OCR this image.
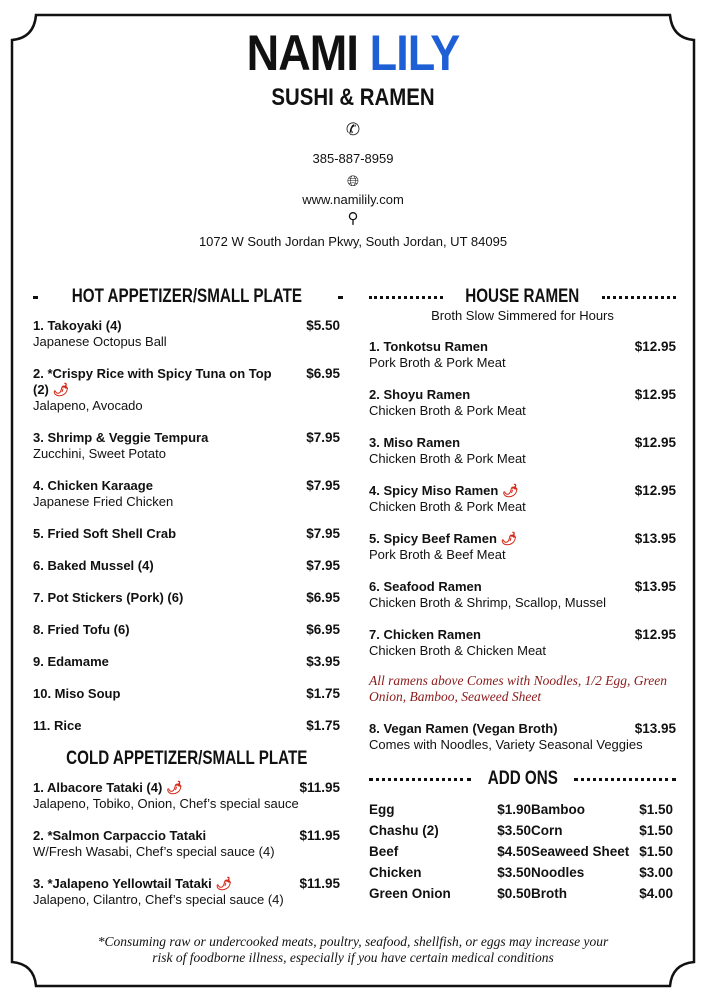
NAMI LILY
SUSHI & RAMEN
✆
385-887-8959
🌐︎
www.namilily.com
⚲
1072 W South Jordan Pkwy, South Jordan, UT 84095
HOT APPETIZER/SMALL PLATE
1. Takoyaki (4)	$5.50
Japanese Octopus Ball
2. *Crispy Rice with Spicy Tuna on Top (2) 🌶︎
$6.95
Jalapeno, Avocado
3. Shrimp & Veggie Tempura	$7.95
Zucchini, Sweet Potato
4. Chicken Karaage	$7.95
Japanese Fried Chicken
5. Fried Soft Shell Crab	$7.95
6. Baked Mussel (4)	$7.95
7. Pot Stickers (Pork) (6)	$6.95
8. Fried Tofu (6)	$6.95
9. Edamame	$3.95
10. Miso Soup	$1.75
11. Rice	$1.75
COLD APPETIZER/SMALL PLATE
1. Albacore Tataki (4) 🌶︎	$11.95
Jalapeno, Tobiko, Onion, Chef’s special sauce
2. *Salmon Carpaccio Tataki	$11.95
W/Fresh Wasabi, Chef’s special sauce (4)
3. *Jalapeno Yellowtail Tataki 🌶︎	$11.95
Jalapeno, Cilantro, Chef’s special sauce (4)
HOUSE RAMEN
Broth Slow Simmered for Hours
1. Tonkotsu Ramen	$12.95
Pork Broth & Pork Meat
2. Shoyu Ramen	$12.95
Chicken Broth & Pork Meat
3. Miso Ramen	$12.95
Chicken Broth & Pork Meat
4. Spicy Miso Ramen 🌶︎	$12.95
Chicken Broth & Pork Meat
5. Spicy Beef Ramen 🌶︎	$13.95
Pork Broth & Beef Meat
6. Seafood Ramen	$13.95
Chicken Broth & Shrimp, Scallop, Mussel
7. Chicken Ramen	$12.95
Chicken Broth & Chicken Meat
All ramens above Comes with Noodles, 1/2 Egg, Green Onion, Bamboo, Seaweed Sheet
8. Vegan Ramen (Vegan Broth)	$13.95
Comes with Noodles, Variety Seasonal Veggies
ADD ONS
Egg	$1.90 Bamboo	$1.50
Chashu (2)	$3.50 Corn	$1.50
Beef	$4.50 Seaweed Sheet $1.50
Chicken	$3.50 Noodles	$3.00
Green Onion	$0.50 Broth	$4.00
*Consuming raw or undercooked meats, poultry, seafood, shellfish, or eggs may increase your
risk of foodborne illness, especially if you have certain medical conditions
